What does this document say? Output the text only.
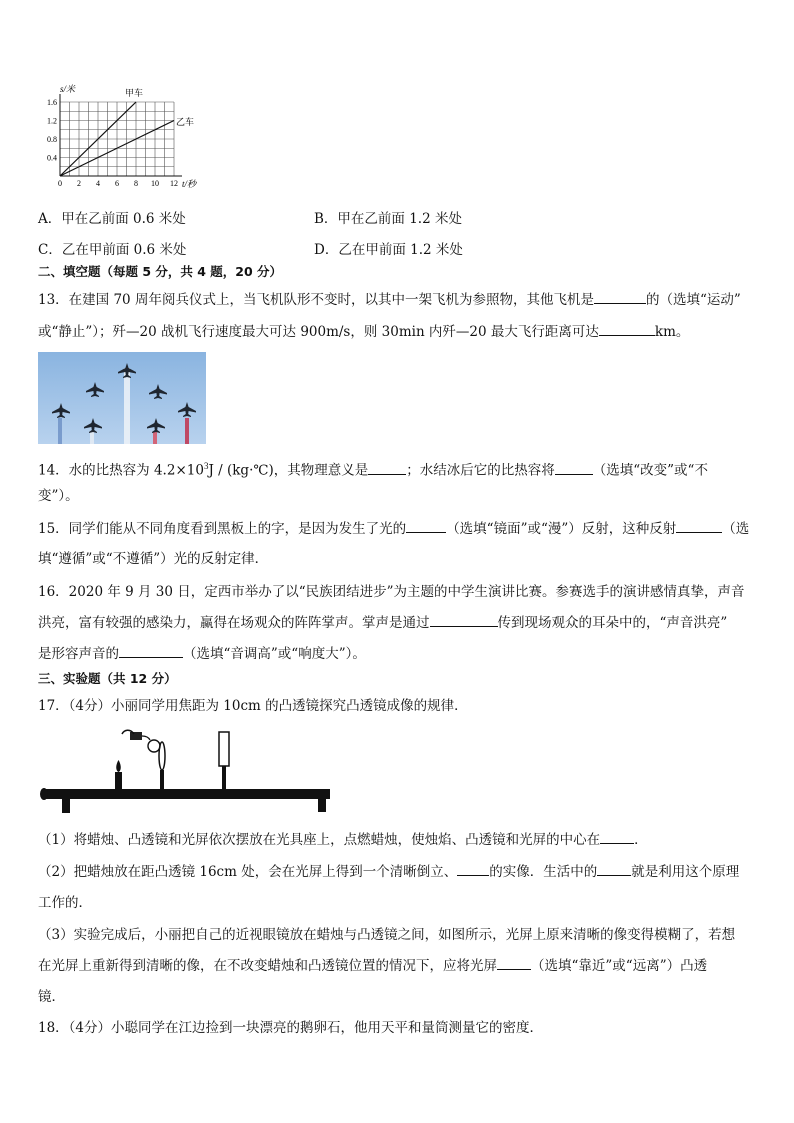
0 2 4 6 8 10 12
1.6
1.2
0.8
0.4
s/米
t/秒
甲车
乙车
A．甲在乙前面 0.6 米处	B．甲在乙前面 1.2 米处
C．乙在甲前面 0.6 米处	D．乙在甲前面 1.2 米处
二、填空题（每题 5 分，共 4 题，20 分）
13．在建国 70 周年阅兵仪式上，当飞机队形不变时，以其中一架飞机为参照物，其他飞机是	的（选填“运动”
或“静止”）；歼—20 战机飞行速度最大可达 900m/s，则 30min 内歼—20 最大飞行距离可达	km。
14．水的比热容为 $4.2\times 10^3J$ / (kg·℃)，其物理意义是	；水结冰后它的比热容将	（选填“改变”或“不
变”）。
15．同学们能从不同角度看到黑板上的字，是因为发生了光的	（选填“镜面”或“漫”）反射，这种反射	（选
填“遵循”或“不遵循”）光的反射定律．
16．2020 年 9 月 30 日，定西市举办了以“民族团结进步”为主题的中学生演讲比赛。参赛选手的演讲感情真挚，声音
洪亮，富有较强的感染力，赢得在场观众的阵阵掌声。掌声是通过	传到现场观众的耳朵中的，“声音洪亮”
是形容声音的	（选填“音调高”或“响度大”）。
三、实验题（共 12 分）
17．（4分）小丽同学用焦距为 10cm 的凸透镜探究凸透镜成像的规律．
（1）将蜡烛、凸透镜和光屏依次摆放在光具座上，点燃蜡烛，使烛焰、凸透镜和光屏的中心在	．
（2）把蜡烛放在距凸透镜 16cm 处，会在光屏上得到一个清晰倒立、 的实像．生活中的	就是利用这个原理
工作的．
（3）实验完成后，小丽把自己的近视眼镜放在蜡烛与凸透镜之间，如图所示，光屏上原来清晰的像变得模糊了，若想
在光屏上重新得到清晰的像，在不改变蜡烛和凸透镜位置的情况下，应将光屏	（选填“靠近”或“远离”）凸透
镜．
18．（4分）小聪同学在江边捡到一块漂亮的鹅卵石，他用天平和量筒测量它的密度．
